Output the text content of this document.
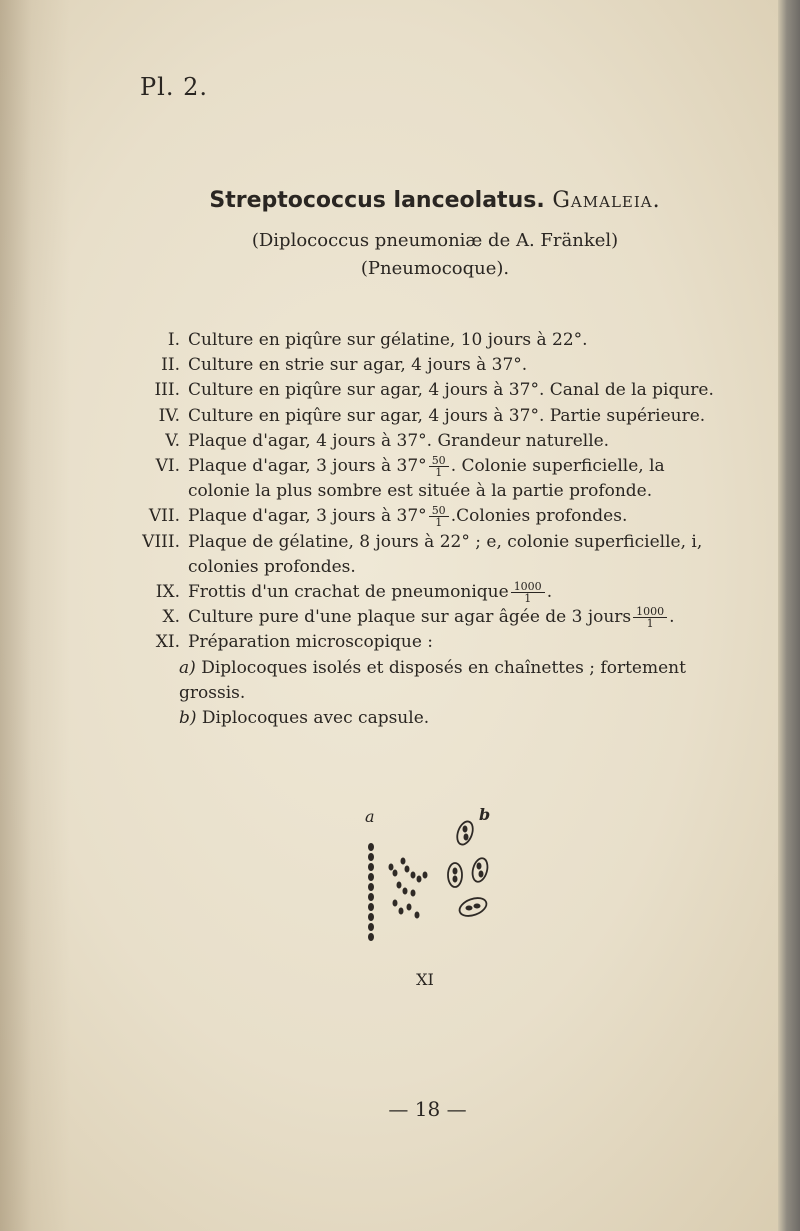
Pl. 2.
Streptococcus lanceolatus. Gamaleia.
(Diplococcus pneumoniæ de A. Fränkel)
(Pneumocoque).
I. Culture en piqûre sur gélatine, 10 jours à 22°.
II. Culture en strie sur agar, 4 jours à 37°.
III. Culture en piqûre sur agar, 4 jours à 37°. Canal de la piqure.
IV. Culture en piqûre sur agar, 4 jours à 37°. Partie supérieure.
V. Plaque d'agar, 4 jours à 37°. Grandeur naturelle.
VI. Plaque d'agar, 3 jours à $37^\circ \frac{50}{1}$ . Colonie superficielle, la
colonie la plus sombre est située à la partie profonde.
VII. Plaque d'agar, 3 jours à $37^\circ \frac{50}{1}$ .Colonies profondes.
VIII. Plaque de gélatine, 8 jours à 22° ; e, colonie superficielle, i,
colonies profondes.
IX. Frottis d'un crachat de pneumonique $\frac{1000}{1}$ .
X. Culture pure d'une plaque sur agar âgée de 3 jours $\frac{1000}{1}$ .
XI. Préparation microscopique :
a) Diplocoques isolés et disposés en chaînettes ; fortement
grossis.
b) Diplocoques avec capsule.
a	b
XI
— 18 —
